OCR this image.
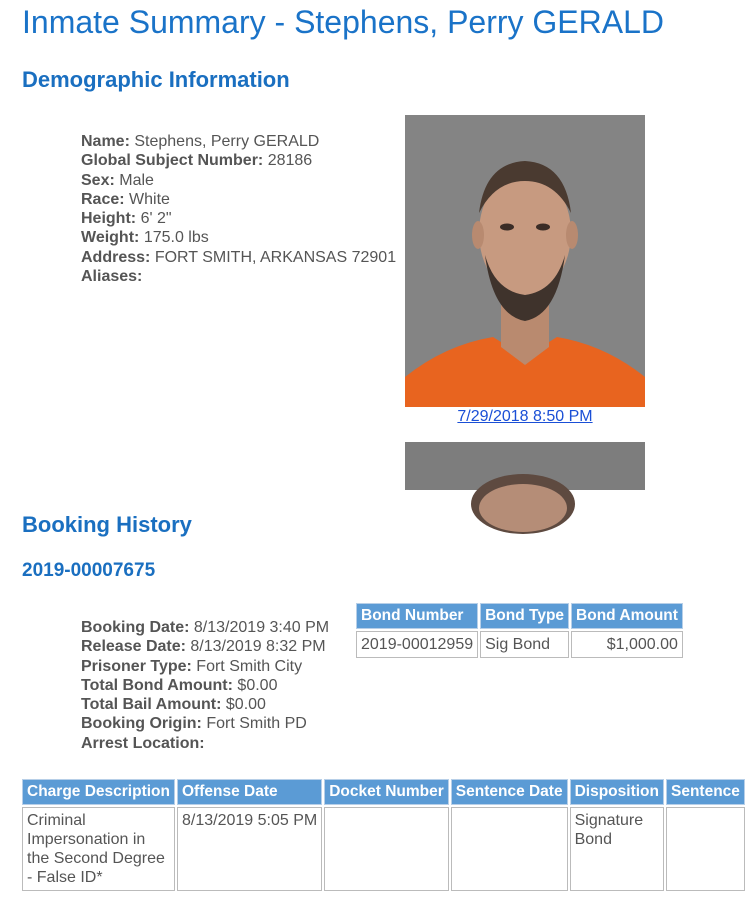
Inmate Summary - Stephens, Perry GERALD
Demographic Information
Name: Stephens, Perry GERALD
Global Subject Number: 28186
Sex: Male
Race: White
Height: 6' 2"
Weight: 175.0 lbs
Address: FORT SMITH, ARKANSAS 72901
Aliases:
7/29/2018 8:50 PM
Booking History
2019-00007675
Booking Date: 8/13/2019 3:40 PM
Release Date: 8/13/2019 8:32 PM
Prisoner Type: Fort Smith City
Total Bond Amount: $0.00
Total Bail Amount: $0.00
Booking Origin: Fort Smith PD
Arrest Location:
Bond Number	Bond Type	Bond Amount
2019-00012959	Sig Bond	$1,000.00
Charge Description	Offense Date	Docket Number	Sentence Date	Disposition	Sentence
Criminal Impersonation in the Second Degree - False ID*	8/13/2019 5:05 PM			Signature Bond	
